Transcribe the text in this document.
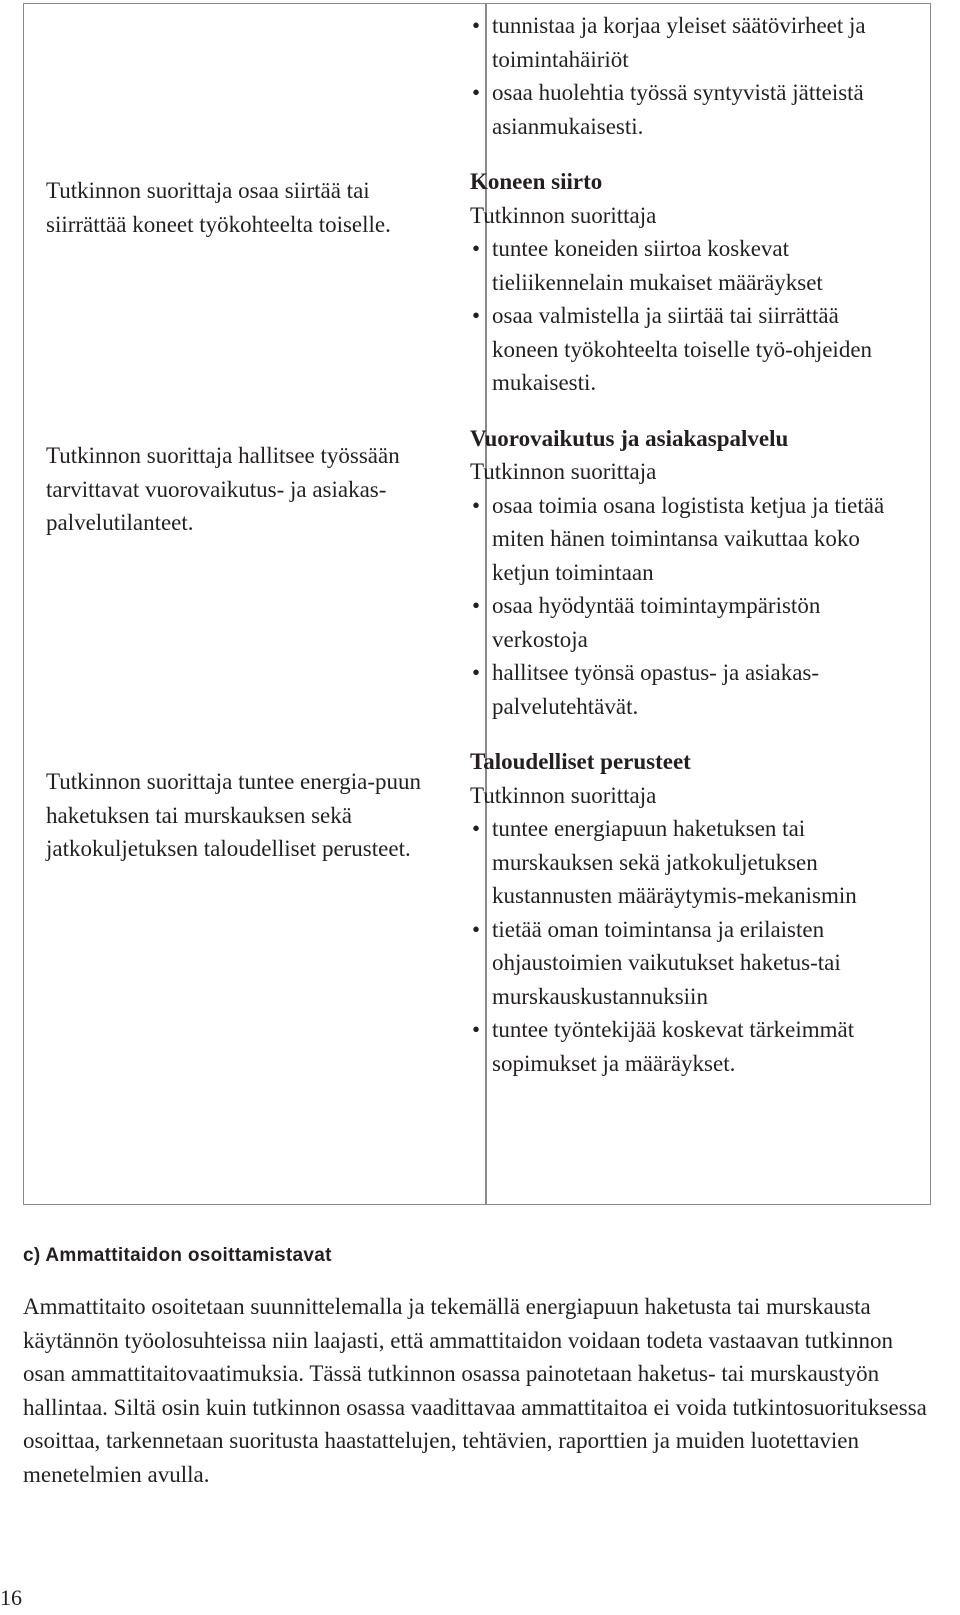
Tutkinnon suorittaja osaa siirtää tai siirrättää koneet työkohteelta toiselle.

Tutkinnon suorittaja hallitsee työssään tarvittavat vuorovaikutus- ja asiakas-palvelutilanteet.

Tutkinnon suorittaja tuntee energia-puun haketuksen tai murskauksen sekä jatkokuljetuksen taloudelliset perusteet.

• tunnistaa ja korjaa yleiset säätövirheet ja toimintahäiriöt
• osaa huolehtia työssä syntyvistä jätteistä asianmukaisesti.
Koneen siirto
Tutkinnon suorittaja
• tuntee koneiden siirtoa koskevat tieliikennelain mukaiset määräykset
• osaa valmistella ja siirtää tai siirrättää koneen työkohteelta toiselle työ-ohjeiden mukaisesti.
Vuorovaikutus ja asiakaspalvelu
Tutkinnon suorittaja
• osaa toimia osana logistista ketjua ja tietää miten hänen toimintansa vaikuttaa koko ketjun toimintaan
• osaa hyödyntää toimintaympäristön verkostoja
• hallitsee työnsä opastus- ja asiakas-palvelutehtävät.
Taloudelliset perusteet
Tutkinnon suorittaja
• tuntee energiapuun haketuksen tai murskauksen sekä jatkokuljetuksen kustannusten määräytymis-mekanismin
• tietää oman toimintansa ja erilaisten ohjaustoimien vaikutukset haketus-tai murskauskustannuksiin
• tuntee työntekijää koskevat tärkeimmät sopimukset ja määräykset.
c) Ammattitaidon osoittamistavat

Ammattitaito osoitetaan suunnittelemalla ja tekemällä energiapuun haketusta tai murskausta käytännön työolosuhteissa niin laajasti, että ammattitaidon voidaan todeta vastaavan tutkinnon osan ammattitaitovaatimuksia. Tässä tutkinnon osassa painotetaan haketus- tai murskaustyön hallintaa. Siltä osin kuin tutkinnon osassa vaadittavaa ammattitaitoa ei voida tutkintosuorituksessa osoittaa, tarkennetaan suoritusta haastattelujen, tehtävien, raporttien ja muiden luotettavien menetelmien avulla.

16
